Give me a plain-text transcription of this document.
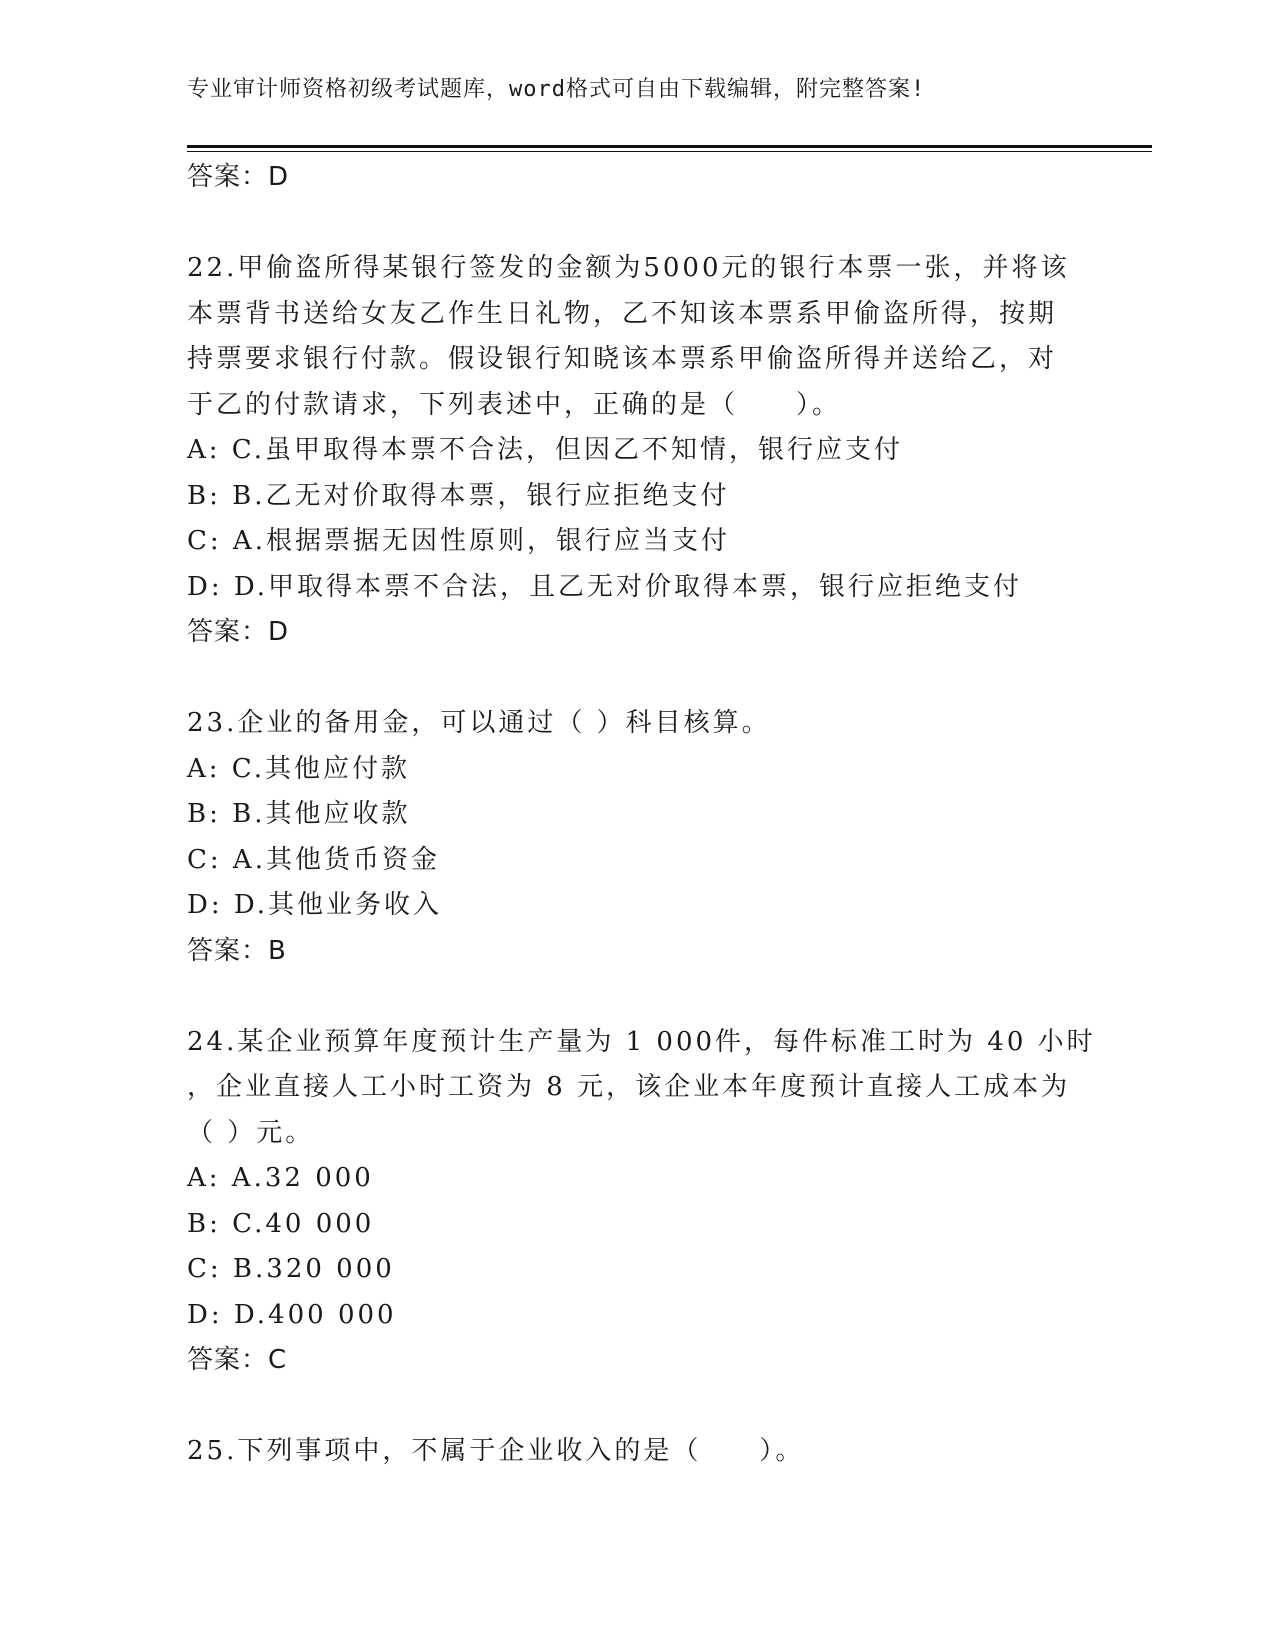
专业审计师资格初级考试题库，word格式可自由下载编辑，附完整答案!
答案：D
22.甲偷盗所得某银行签发的金额为5000元的银行本票一张，并将该
本票背书送给女友乙作生日礼物，乙不知该本票系甲偷盗所得，按期
持票要求银行付款。假设银行知晓该本票系甲偷盗所得并送给乙，对
于乙的付款请求，下列表述中，正确的是（　　）。
A: C.虽甲取得本票不合法，但因乙不知情，银行应支付
B: B.乙无对价取得本票，银行应拒绝支付
C: A.根据票据无因性原则，银行应当支付
D: D.甲取得本票不合法，且乙无对价取得本票，银行应拒绝支付
答案：D
23.企业的备用金，可以通过（ ）科目核算。
A: C.其他应付款
B: B.其他应收款
C: A.其他货币资金
D: D.其他业务收入
答案：B
24.某企业预算年度预计生产量为 1 000件，每件标准工时为 40 小时
，企业直接人工小时工资为 8 元，该企业本年度预计直接人工成本为
（ ）元。
A: A.32 000
B: C.40 000
C: B.320 000
D: D.400 000
答案：C
25.下列事项中，不属于企业收入的是（　　）。
